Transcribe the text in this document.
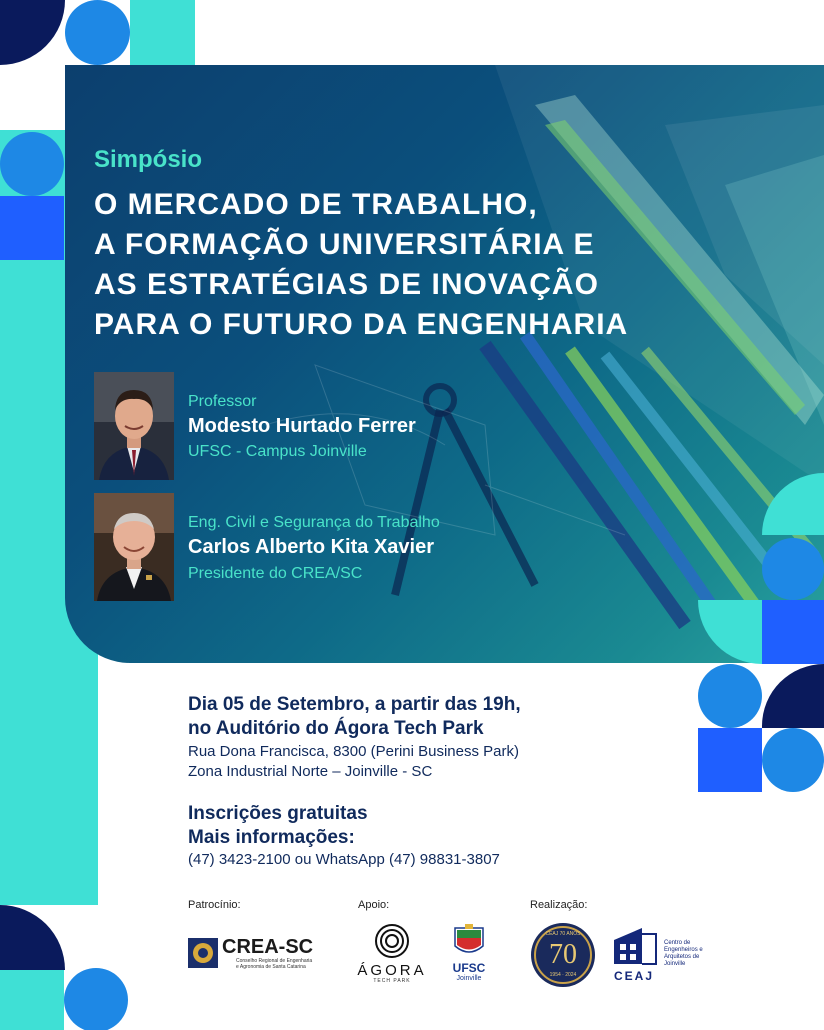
Simpósio
O MERCADO DE TRABALHO,
A FORMAÇÃO UNIVERSITÁRIA E
AS ESTRATÉGIAS DE INOVAÇÃO
PARA O FUTURO DA ENGENHARIA
Professor
Modesto Hurtado Ferrer
UFSC - Campus Joinville
Eng. Civil e Segurança do Trabalho
Carlos Alberto Kita Xavier
Presidente do CREA/SC
Dia 05 de Setembro, a partir das 19h,
no Auditório do Ágora Tech Park
Rua Dona Francisca, 8300 (Perini Business Park)
Zona Industrial Norte – Joinville - SC
Inscrições gratuitas
Mais informações:
(47) 3423-2100 ou WhatsApp (47) 98831-3807
Patrocínio:	Apoio:	Realização:
CREA-SC
Conselho Regional de Engenharia
e Agronomia de Santa Catarina	ÁGORA
TECH PARK
UFSC
Joinville
CEAJ 70 ANOS
70
1954 · 2024	CEAJ
Centro de
Engenheiros e
Arquitetos de
Joinville
